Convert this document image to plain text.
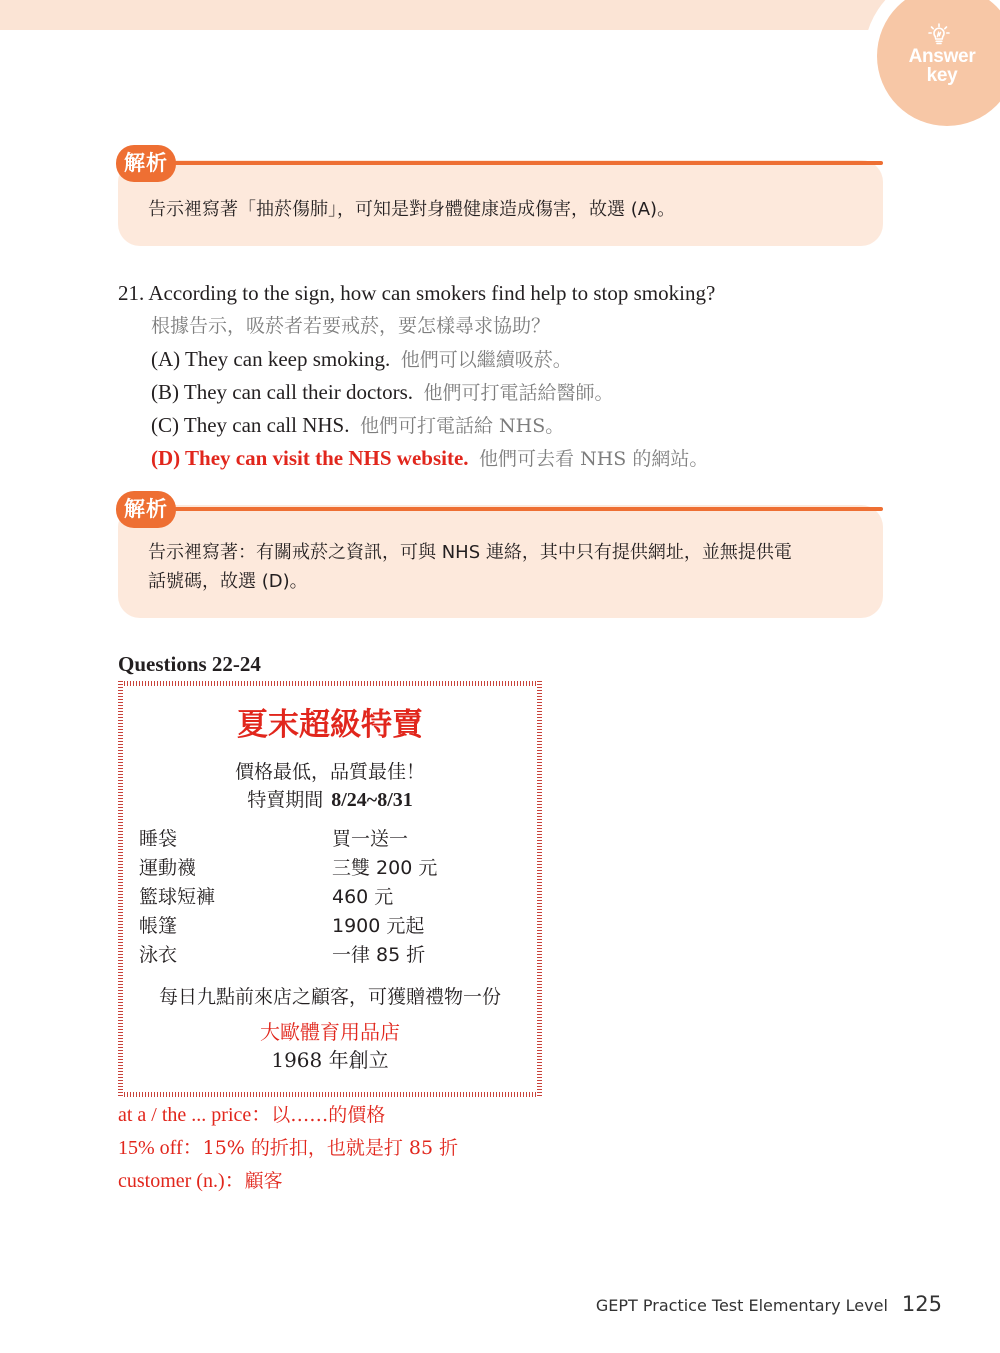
Answer
key
解析
告示裡寫著「抽菸傷肺」，可知是對身體健康造成傷害，故選 (A)。
21. According to the sign, how can smokers find help to stop smoking?
根據告示，吸菸者若要戒菸，要怎樣尋求協助？
(A) They can keep smoking. 他們可以繼續吸菸。
(B) They can call their doctors. 他們可打電話給醫師。
(C) They can call NHS. 他們可打電話給 NHS。
(D) They can visit the NHS website. 他們可去看 NHS 的網站。
解析
告示裡寫著：有關戒菸之資訊，可與 NHS 連絡，其中只有提供網址，並無提供電
話號碼，故選 (D)。
Questions 22-24
夏末超級特賣
價格最低，品質最佳！
特賣期間 8/24~8/31
睡袋	買一送一
運動襪	三雙 200 元
籃球短褲	460 元
帳篷	1900 元起
泳衣	一律 85 折
每日九點前來店之顧客，可獲贈禮物一份
大歐體育用品店
1968 年創立
at a / the ... price：以……的價格
15% off：15% 的折扣，也就是打 85 折
customer (n.)：顧客
GEPT Practice Test Elementary Level 125
